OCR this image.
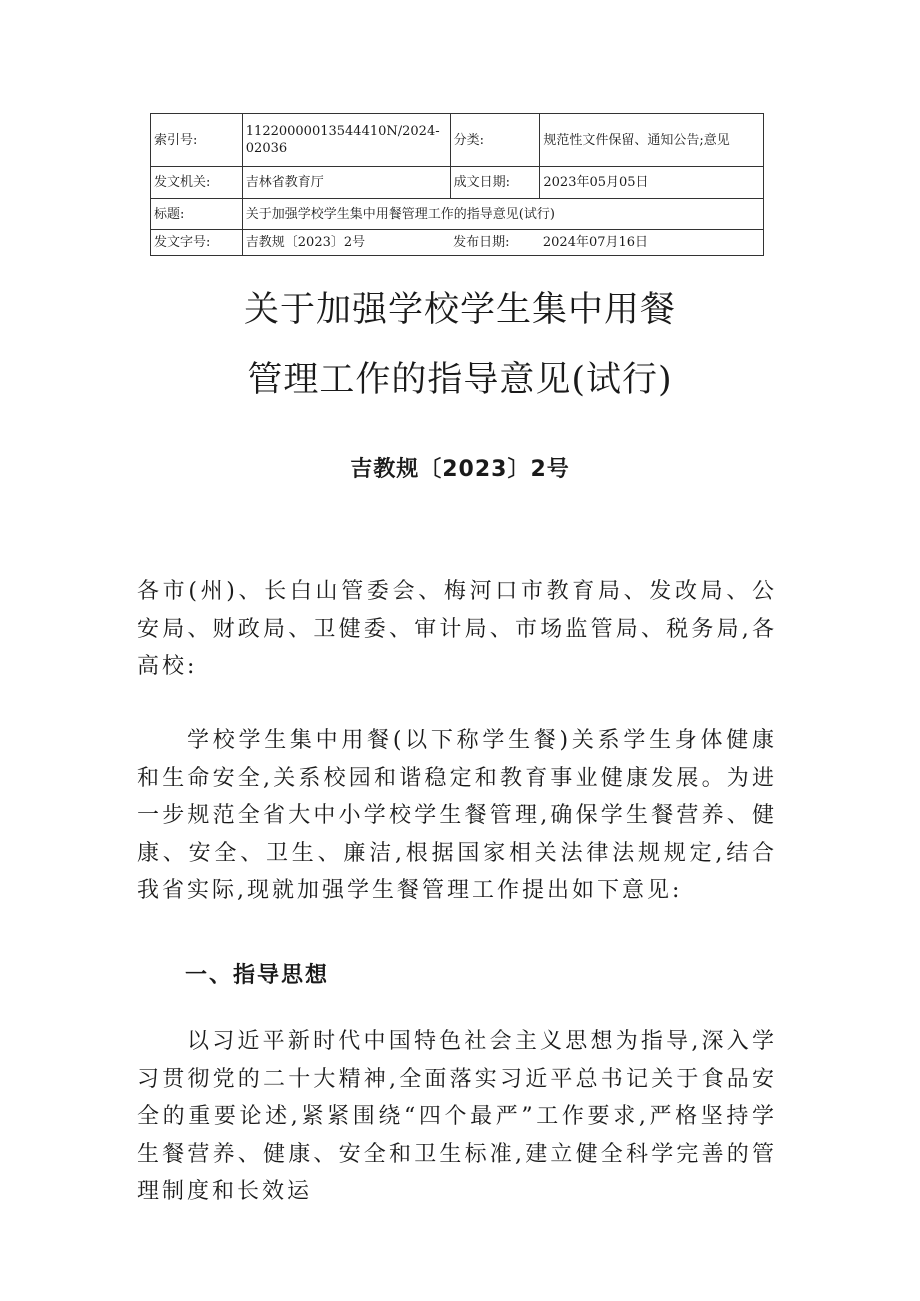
索引号:	11220000013544410N/2024-02036	分类:	规范性文件保留、通知公告;意见
发文机关:	吉林省教育厅	成文日期:	2023年05月05日
标题:	关于加强学校学生集中用餐管理工作的指导意见(试行)		
发文字号:	吉教规〔2023〕2号	发布日期:	2024年07月16日
关于加强学校学生集中用餐
管理工作的指导意见(试行)
吉教规〔2023〕2号

各市(州)、长白山管委会、梅河口市教育局、发改局、公安局、财政局、卫健委、审计局、市场监管局、税务局,各高校:

学校学生集中用餐(以下称学生餐)关系学生身体健康和生命安全,关系校园和谐稳定和教育事业健康发展。为进一步规范全省大中小学校学生餐管理,确保学生餐营养、健康、安全、卫生、廉洁,根据国家相关法律法规规定,结合我省实际,现就加强学生餐管理工作提出如下意见:

一、指导思想

以习近平新时代中国特色社会主义思想为指导,深入学习贯彻党的二十大精神,全面落实习近平总书记关于食品安全的重要论述,紧紧围绕“四个最严”工作要求,严格坚持学生餐营养、健康、安全和卫生标准,建立健全科学完善的管理制度和长效运
